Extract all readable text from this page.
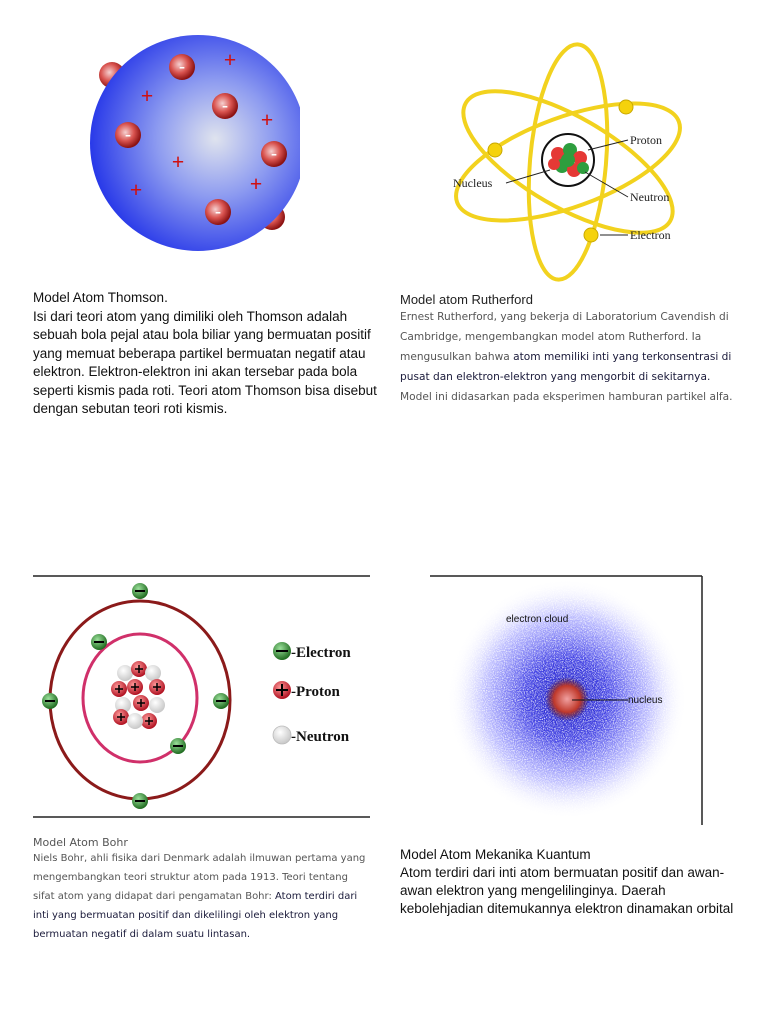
-
-
-
-
-
+
+
+
+
+
+
Model Atom Thomson.
Isi dari teori atom yang dimiliki oleh Thomson adalah sebuah bola pejal atau bola biliar yang bermuatan positif yang memuat beberapa partikel bermuatan negatif atau elektron. Elektron-elektron ini akan tersebar pada bola seperti kismis pada roti. Teori atom Thomson bisa disebut dengan sebutan teori roti kismis.
Proton
Nucleus
Neutron
Electron
Model atom Rutherford
Ernest Rutherford, yang bekerja di Laboratorium Cavendish di Cambridge, mengembangkan model atom Rutherford. Ia mengusulkan bahwa atom memiliki inti yang terkonsentrasi di pusat dan elektron-elektron yang mengorbit di sekitarnya. Model ini didasarkan pada eksperimen hamburan partikel alfa.
-Electron
-Proton
-Neutron
Model Atom Bohr
Niels Bohr, ahli fisika dari Denmark adalah ilmuwan pertama yang mengembangkan teori struktur atom pada 1913. Teori tentang sifat atom yang didapat dari pengamatan Bohr: Atom terdiri dari inti yang bermuatan positif dan dikelilingi oleh elektron yang bermuatan negatif di dalam suatu lintasan.
electron cloud
nucleus
Model Atom Mekanika Kuantum
Atom terdiri dari inti atom bermuatan positif dan awan-awan elektron yang mengelilinginya. Daerah kebolehjadian ditemukannya elektron dinamakan orbital
